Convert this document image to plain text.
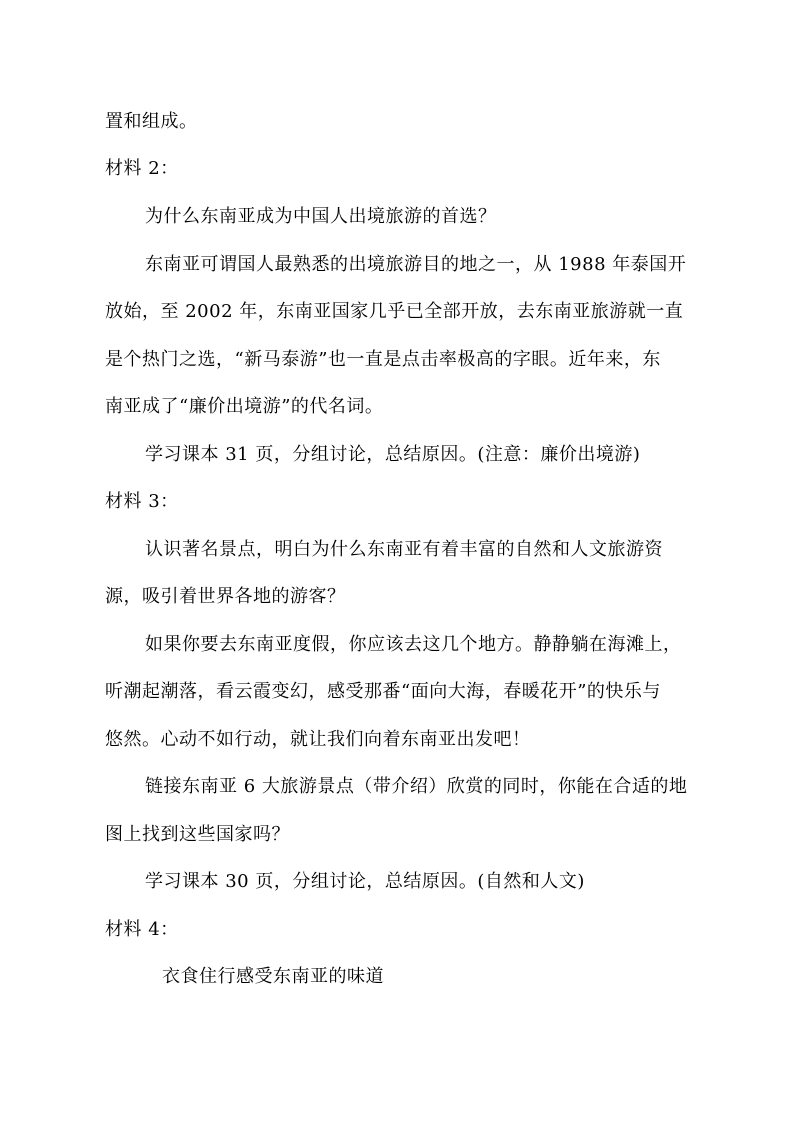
置和组成。
材料 2：
为什么东南亚成为中国人出境旅游的首选？
东南亚可谓国人最熟悉的出境旅游目的地之一，从 1988 年泰国开
放始，至 2002 年，东南亚国家几乎已全部开放，去东南亚旅游就一直
是个热门之选，“新马泰游”也一直是点击率极高的字眼。近年来，东
南亚成了“廉价出境游”的代名词。
学习课本 31 页，分组讨论，总结原因。(注意：廉价出境游)
材料 3：
认识著名景点，明白为什么东南亚有着丰富的自然和人文旅游资
源，吸引着世界各地的游客？
如果你要去东南亚度假，你应该去这几个地方。静静躺在海滩上，
听潮起潮落，看云霞变幻，感受那番“面向大海，春暖花开”的快乐与
悠然。心动不如行动，就让我们向着东南亚出发吧！
链接东南亚 6 大旅游景点（带介绍）欣赏的同时，你能在合适的地
图上找到这些国家吗？
学习课本 30 页，分组讨论，总结原因。(自然和人文)
材料 4：
衣食住行感受东南亚的味道
